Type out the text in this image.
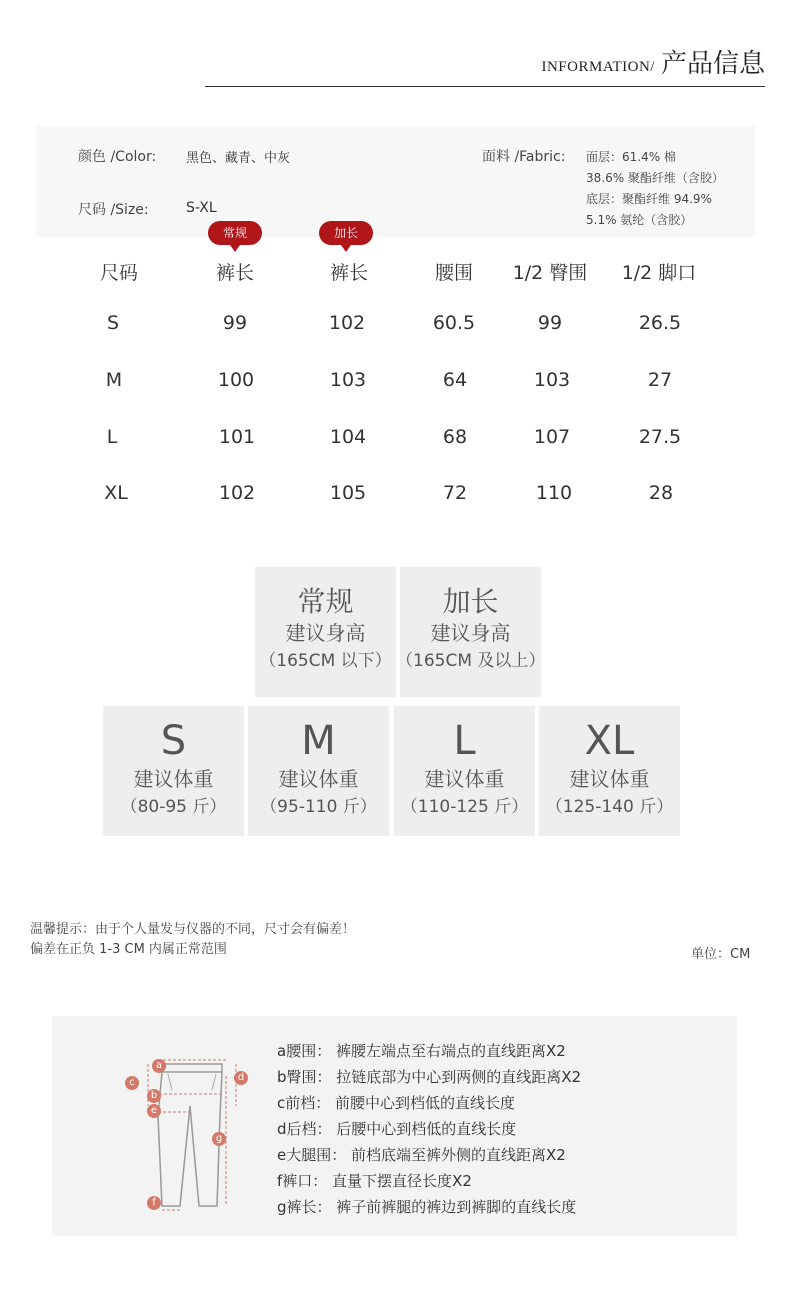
INFORMATION/ 产品信息
颜色 /Color: 黑色、藏青、中灰
尺码 /Size:	S-XL
面料 /Fabric: 面层：61.4% 棉
38.6% 聚酯纤维（含胶）
底层：聚酯纤维 94.9%
5.1% 氨纶（含胶）
常规	加长
尺码	裤长	裤长	腰围	1/2 臀围	1/2 脚口
S	99	102	60.5	99	26.5
M	100	103	64	103	27
L	101	104	68	107	27.5
XL	102	105	72	110	28
常规
建议身高
（165CM 以下）
加长
建议身高
（165CM 及以上）
S
建议体重
（80-95 斤）
M
建议体重
（95-110 斤）
L
建议体重
（110-125 斤）
XL
建议体重
（125-140 斤）
温馨提示：由于个人量发与仪器的不同，尺寸会有偏差！
偏差在正负 1-3 CM 内属正常范围	单位：CM
a
b
c	d
e
f
g
a腰围： 裤腰左端点至右端点的直线距离X2
b臀围： 拉链底部为中心到两侧的直线距离X2
c前档： 前腰中心到档低的直线长度
d后档： 后腰中心到档低的直线长度
e大腿围： 前档底端至裤外侧的直线距离X2
f裤口： 直量下摆直径长度X2
g裤长： 裤子前裤腿的裤边到裤脚的直线长度
